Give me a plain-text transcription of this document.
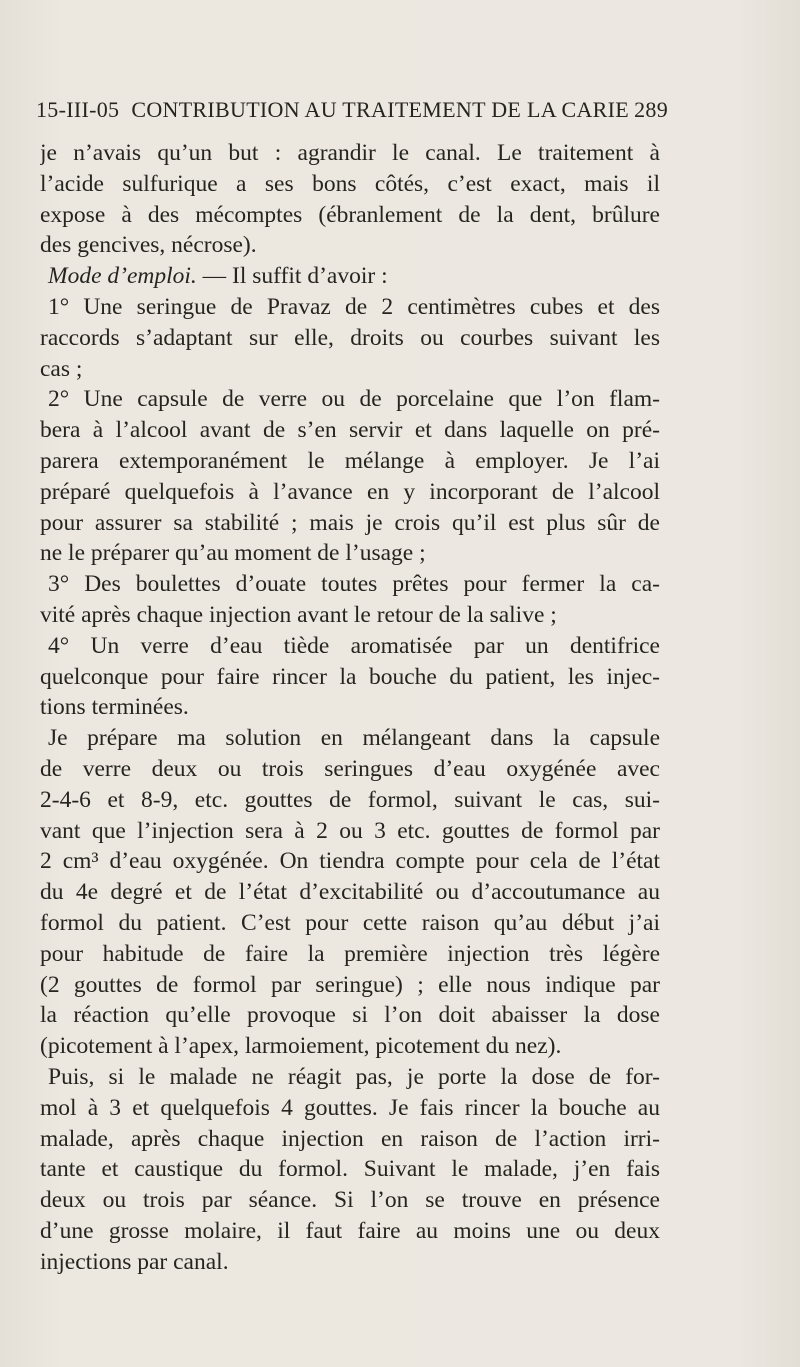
15-III-05 CONTRIBUTION AU TRAITEMENT DE LA CARIE 289
je n’avais qu’un but : agrandir le canal. Le traitement à
l’acide sulfurique a ses bons côtés, c’est exact, mais il
expose à des mécomptes (ébranlement de la dent, brûlure
des gencives, nécrose).
Mode d’emploi. — Il suffit d’avoir :
1° Une seringue de Pravaz de 2 centimètres cubes et des
raccords s’adaptant sur elle, droits ou courbes suivant les
cas ;
2° Une capsule de verre ou de porcelaine que l’on flam-
bera à l’alcool avant de s’en servir et dans laquelle on pré-
parera extemporanément le mélange à employer. Je l’ai
préparé quelquefois à l’avance en y incorporant de l’alcool
pour assurer sa stabilité ; mais je crois qu’il est plus sûr de
ne le préparer qu’au moment de l’usage ;
3° Des boulettes d’ouate toutes prêtes pour fermer la ca-
vité après chaque injection avant le retour de la salive ;
4° Un verre d’eau tiède aromatisée par un dentifrice
quelconque pour faire rincer la bouche du patient, les injec-
tions terminées.
Je prépare ma solution en mélangeant dans la capsule
de verre deux ou trois seringues d’eau oxygénée avec
2-4-6 et 8-9, etc. gouttes de formol, suivant le cas, sui-
vant que l’injection sera à 2 ou 3 etc. gouttes de formol par
2 cm³ d’eau oxygénée. On tiendra compte pour cela de l’état
du 4e degré et de l’état d’excitabilité ou d’accoutumance au
formol du patient. C’est pour cette raison qu’au début j’ai
pour habitude de faire la première injection très légère
(2 gouttes de formol par seringue) ; elle nous indique par
la réaction qu’elle provoque si l’on doit abaisser la dose
(picotement à l’apex, larmoiement, picotement du nez).
Puis, si le malade ne réagit pas, je porte la dose de for-
mol à 3 et quelquefois 4 gouttes. Je fais rincer la bouche au
malade, après chaque injection en raison de l’action irri-
tante et caustique du formol. Suivant le malade, j’en fais
deux ou trois par séance. Si l’on se trouve en présence
d’une grosse molaire, il faut faire au moins une ou deux
injections par canal.
